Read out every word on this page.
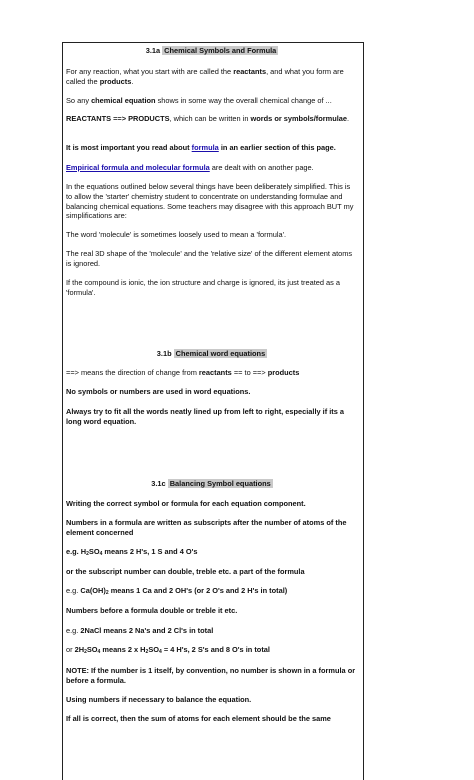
3.1a Chemical Symbols and Formula

For any reaction, what you start with are called the reactants, and what you form are called the products.

So any chemical equation shows in some way the overall chemical change of ...

REACTANTS ==> PRODUCTS, which can be written in words or symbols/formulae.

It is most important you read about formula in an earlier section of this page.

Empirical formula and molecular formula are dealt with on another page.

In the equations outlined below several things have been deliberately simplified. This is to allow the 'starter' chemistry student to concentrate on understanding formulae and balancing chemical equations. Some teachers may disagree with this approach BUT my simplifications are:

The word 'molecule' is sometimes loosely used to mean a 'formula'.

The real 3D shape of the 'molecule' and the 'relative size' of the different element atoms is ignored.

If the compound is ionic, the ion structure and charge is ignored, its just treated as a 'formula'.

3.1b Chemical word equations

==> means the direction of change from reactants == to ==> products

No symbols or numbers are used in word equations.

Always try to fit all the words neatly lined up from left to right, especially if its a long word equation.

3.1c Balancing Symbol equations

Writing the correct symbol or formula for each equation component.

Numbers in a formula are written as subscripts after the number of atoms of the element concerned

e.g. $H_2SO_4$ means 2 H's, 1 S and 4 O's

or the subscript number can double, treble etc. a part of the formula

e.g. $Ca(OH)_2$ means 1 Ca and 2 OH's (or 2 O's and 2 H's in total)

Numbers before a formula double or treble it etc.

e.g. 2NaCl means 2 Na's and 2 Cl's in total

or $2H_2SO_4$ means 2 x $H_2SO_4 = 4$ H's, 2 S's and 8 O's in total

NOTE: If the number is 1 itself, by convention, no number is shown in a formula or before a formula.

Using numbers if necessary to balance the equation.

If all is correct, then the sum of atoms for each element should be the same
